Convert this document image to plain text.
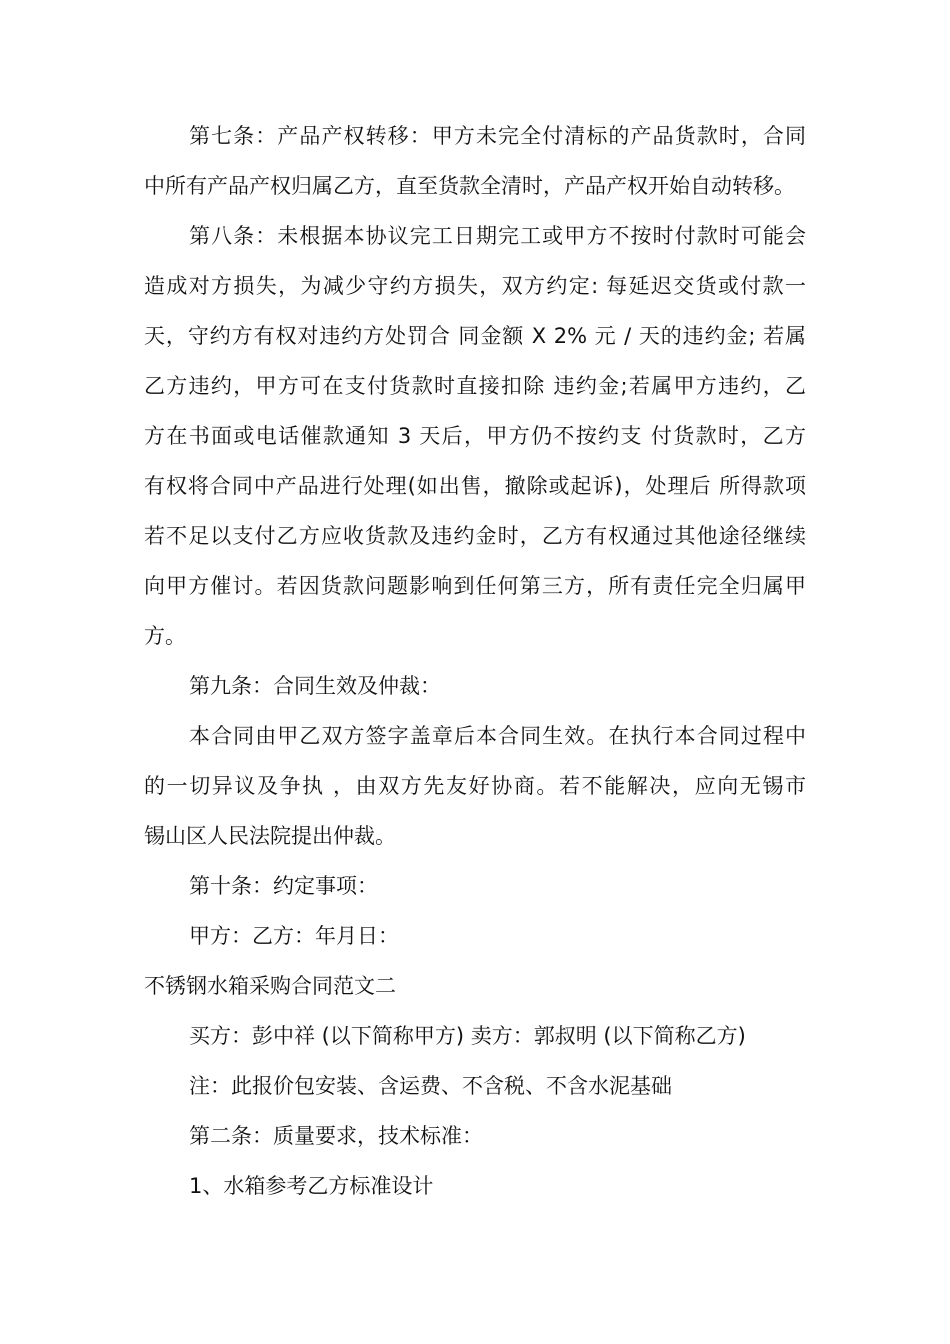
第七条：产品产权转移：甲方未完全付清标的产品货款时，合同
中所有产品产权归属乙方，直至货款全清时，产品产权开始自动转移。
第八条：未根据本协议完工日期完工或甲方不按时付款时可能会
造成对方损失，为减少守约方损失，双方约定: 每延迟交货或付款一
天，守约方有权对违约方处罚合 同金额 X 2% 元 / 天的违约金; 若属
乙方违约，甲方可在支付货款时直接扣除 违约金;若属甲方违约，乙
方在书面或电话催款通知 3 天后，甲方仍不按约支 付货款时，乙方
有权将合同中产品进行处理(如出售，撤除或起诉)，处理后 所得款项
若不足以支付乙方应收货款及违约金时，乙方有权通过其他途径继续
向甲方催讨。若因货款问题影响到任何第三方，所有责任完全归属甲
方。
第九条：合同生效及仲裁：
本合同由甲乙双方签字盖章后本合同生效。在执行本合同过程中
的一切异议及争执 ，由双方先友好协商。若不能解决，应向无锡市
锡山区人民法院提出仲裁。
第十条：约定事项：
甲方：乙方：年月日：
不锈钢水箱采购合同范文二
买方：彭中祥 (以下简称甲方) 卖方：郭叔明 (以下简称乙方)
注：此报价包安装、含运费、不含税、不含水泥基础
第二条：质量要求，技术标准：
1、水箱参考乙方标准设计
